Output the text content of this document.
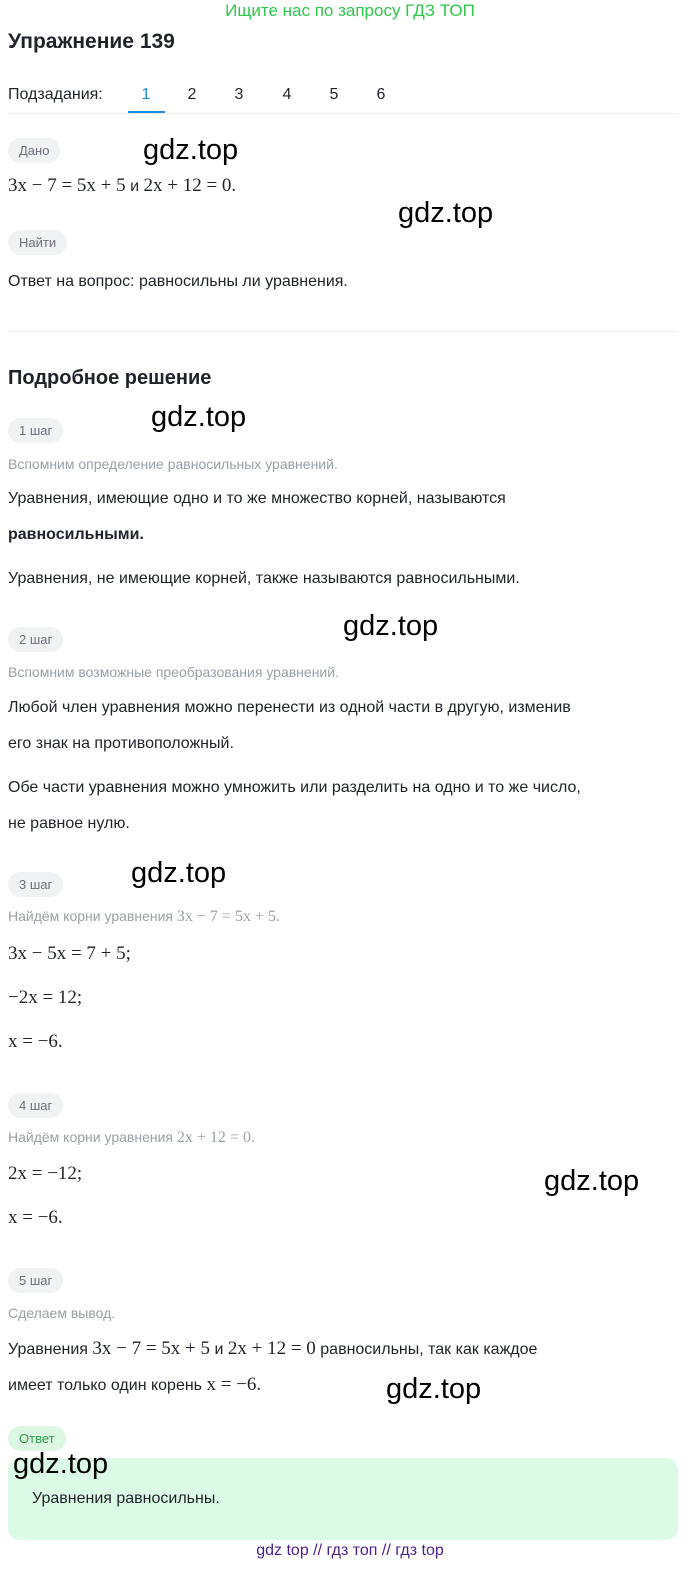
Ищите нас по запросу ГДЗ ТОП
Упражнение 139
Подзадания:	1	2	3	4	5	6
Дано
3x − 7 = 5x + 5 и 2x + 12 = 0.
Найти
Ответ на вопрос: равносильны ли уравнения.
Подробное решение
1 шаг
Вспомним определение равносильных уравнений.
Уравнения, имеющие одно и то же множество корней, называются
равносильными.
Уравнения, не имеющие корней, также называются равносильными.
2 шаг
Вспомним возможные преобразования уравнений.
Любой член уравнения можно перенести из одной части в другую, изменив
его знак на противоположный.
Обе части уравнения можно умножить или разделить на одно и то же число,
не равное нулю.
3 шаг
Найдём корни уравнения 3x − 7 = 5x + 5.
3x − 5x = 7 + 5;
−2x = 12;
x = −6.
4 шаг
Найдём корни уравнения 2x + 12 = 0.
2x = −12;
x = −6.
5 шаг
Сделаем вывод.
Уравнения 3x − 7 = 5x + 5 и 2x + 12 = 0 равносильны, так как каждое
имеет только один корень x = −6.
Ответ
Уравнения равносильны.
gdz.top
gdz.top
gdz.top
gdz.top
gdz.top
gdz.top
gdz.top
gdz.top
gdz top // гдз топ // гдз top
